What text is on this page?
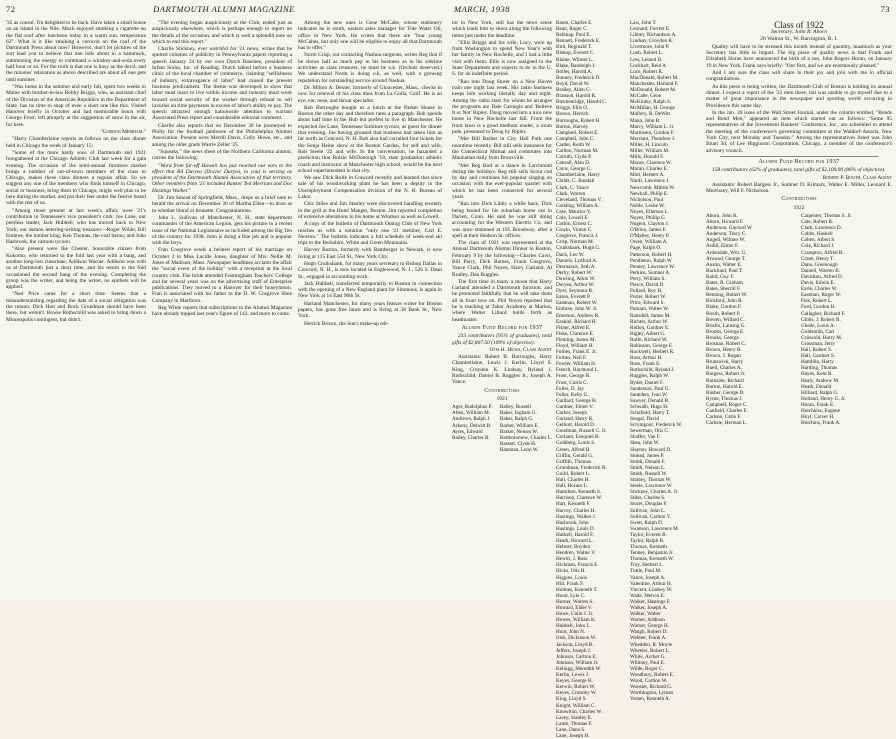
72	DARTMOUTH ALUMNI MAGAZINE

'35 as consul, I'm delighted to be back. Have taken a small house on an island in the Nile. Much enjoyed smoking a cigarette on the flat roof after luncheon today in a warm sun, temperature 63°. What is it like smoking a corncob on the roof of the Dartmouth Press about now? However, don't let pictures of the sort lead you to believe that one lolls about in a hammock, summoning the energy to command a whiskey-and-soda every half hour or so. For the truth is that one is busy as the devil; and the minutes' relaxation as above described are about all one gets until summer.

"Was home in the summer and early fall, spent two weeks in Maine with brother-in-law Bobby Briggs, who, as assistant chief of the Division of the American Republics in the Department of State, has no time to snap of even a short one like this. Visited Hanover briefly in October and had memorable hours with George Frost; left abruptly at the suggestion of snow in the air, for here.

"Gordon Merriam."

"Harry Chamberlaine reports as follows on the class dinner held in Chicago the week of January 15:

"Some of the more hardy sons of Dartmouth and 1921 foregathered at the Chicago Athletic Club last week for a gala evening. The occasion of the semi-annual furniture market brings a number of out-of-town members of the class to Chicago, makes these class dinners a regular affair. So we suggest any one of the members who finds himself in Chicago, social or business, bring them to Chicago, might well plan to be here during the market, and put their feet under the festive board with the rest of us.

"Among those present at last week's affair, were '21's contribution to Tennessee's vice president's club: Joe Lane, our peerless leader, Jack Hubbell, who has moved back to New York; our demon lettering-writing treasurer—Roger Wilde; Bill Embree, the lumber king; Ken Thomas, the coal baron; and John Hasbrook, the cartoon tycoon.

"Also present were Ike Chester, honorable citizen from Kokomo, who returned to the fold last year with a bang, and another long-lost classmate, Addison Warner. Addison was with us at Dartmouth just a short time, and his return to the fold occasioned the second bang of the evening. Completing the group was the writer, and being the writer, no epithets will be applied.

"Ned Price came for a short time. Seems that a misunderstanding regarding the date of a social obligation was the reason. Dick Hart and Rock Grundman should have been there, but weren't. Rowie Rothschild was asked to bring down a Minneapolis contingent, but didn't.

"The evening began auspiciously at the Club, ended just as auspiciously elsewhere, which is perhaps enough to report on the details of the occasion, and which is well a splendid note on which to end this report."

Charlie Stickney, ever watchful for '21 news, writes that he spotted columns of publicity in Pennsylvania papers reporting a speech January 24 by our own Dutch Baushee, president of Infant Socks, Inc. of Reading. Dutch talked before a business clinic of the local chamber of commerce, claiming "selfishness of industry, extravagance of labor" had caused the present business predicament. The theme was developed to show that labor must learn to live within income and industry must work toward social security of the worker through refusal to sell luxuries on time payments in excess of labor's ability to pay. The speech attracted enough nationwide attention to warrant Associated Press report and considerable editorial comment.

Charlie also reports that on December 30 he journeyed to Philly for the football jamboree of the Philadelphia Alumni Association. Present were Merrill Davis, Colly Howe, etc., and among the older grads Warrie Zeller '25.

"Squeaks," the news sheet of the Northern California alumni, carries the following:

"Word from far-off Hawaii has just reached our ears to the effect that Bil Duryea (Doctor Duryea, to you) is serving as president of the Dartmouth Alumni Association of that territory. Other members from '21 included Banker Ted Merriam and Doc Hastings Walker."

Dr. Jim Smead of Springfield, Mass., drops us a brief note to herald the arrival on December 30 of Martha Ellen—to doze as to whether blond or brunette. Congratulations.

John L. Sullivan of Manchester, N. H., state department commander of the American Legion, gets his picture in a recent issue of the National Legionnaire as included among the Big Ten of the country for 1938. John is doing a fine job and is popular with the boys.

Fran Cosgrove sends a belated report of his marriage on October 2 to Miss Lucille Jones, daughter of Mrs. Nellie M. Jones of Madison, Mass. Newspaper headlines acclaim the affair the "social event of the holiday" with a reception at the local country club. The bride attended Framingham Teachers' College and for several years was on the advertising staff of Enterprise publications. They moved to a Hanover for their honeymoon. Fran is associated with his father in the D. W. Cosgrove Shoe Company in Marlboro.

Reg Wilde reports that subscriptions to the Alumni Magazine have already topped last year's figure of 142, and more to come.

Among the new ones is Gene McCabe, whose stationery indicates he is south, eastern sales manager for Tide Water Oil, office in New York. He writes that there are "four young McCabes, but only one will be eligible to enjoy all that Dartmouth has to offer."

Norm Crisp, out contacting Nashua surgeons, writes Reg that if he shows half as much pep in his business as in his sideline activities as class treasurer, he must be o.k. (Orchids deserved.) We understand Norm is doing o.k. as well, with a growing reputation for outstanding service around Nashua.

Dr. Milton A. Dexter, formerly of Gloucester, Mass., checks in now for renewal of his class dues from La Golla, Calif. He is an eye, ear, nose, and throat specialist.

Bob Burroughs bought us a lunch at the Parker House in Boston the other day and therefore rates a paragraph. Bob spends about half time in the Hub but prefers to live in Manchester. He expected Joe Lane, Tennessee furniture tycoon, as guest for dinner that evening. Joe having groused that business had taken him as far north as Concord, N. H. Bob also had corralled four tickets for the Sonja Heine show at the Boston Garden, for self and wife, Bob Steele '22 and wife. In the conversation, he hazarded a prediction that Rulzie McDonough '18, state graduation athletic coach and instructor at Manchester high school, would be the next school superintendent in that city.

We saw Dick Rolfe in Concord recently and learned that since sale of his woodworking plant he has been a deputy in the Unemployment Compensation division of the N. H. Bureau of Labor.

Chic Stiles and Jim Stanley were discovered handling recently in the grill at the Hotel Manger, Boston. Jim reported completion of extensive alterations in his home at Windsor as well as Lowell.

A copy of the bulletin of Dartmouth Outing Club of New York reaches us with a notation "only one '21 member, Carl E. Newton." The bulletin indicates a full schedule of week-end ski trips to the Berkshire, White and Green Mountains.

Harvey Burton, formerly with Bamberger in Newark, is now living at 115 East 55d St., New York City.

Hugh Cruikshank, for many years secretary to Bishop Dallas in Concord, N. H., is now located in Englewood, N. J., 526 S. Dean St., engaged in accounting work.

Jack Hubbell, transferred temporarily to Boston in connection with the opening of a New England plant for Simmons, is again in New York at 14 East 90th St.

Harland Manchester, for many years feature writer for Boston papers, has gone free lance and is living at 38 Bank St., New York.

Herrick Brown, the Sun's make-up edi-

MARCH, 1938	73

tor in New York, still has the news sense which leads him to shoot along the following items just under the deadline:

"Ellis Briggs and his wife, Lucy, were up from Washington to spend New Year's with her family in New Rochelle, and I had a little visit with them. Ellis is now assigned to the State Department and expects to be in the U. S. for an indefinite period.

"Ran into Doug Storer on a New Haven train one night last week. His radio business keeps him working literally day and night. Among the radio stars for whom he arranges the programs are Dale Carnegie and 'Believe It or Not' Ripley. Doug moved into a nice new home in New Rochelle last fall. From the front lawn is a good medium reader, a room pole, presented to Doug by Ripley.

"Met Bill Barber in City Hall Park one noontime recently. Bill still sells insurance for the Connecticut Mutual and commutes into Manhattan daily from Bronxville.

"Met Reg Bird at a dance in Larchmont during the holidays. Reg still sells Scout cod by day and continues his popular singing on occasion with the ever-popular quartet with which he has been connected for several years.

"Ran into Dick Libby a while back, Dick being bound for his suburban home out in Darien, Conn. He said he was still doing accounting for the Western Electric Co. and was once stationed at 195 Broadway, after a spell at their Hudson St. offices.

The class of 1921 was represented at the Annual Dartmouth Alumni Dinner in Boston, February 9 by the following—Charles Cavis, Bill Perry, Dick Barnes, Frank Cosgrove, Vance Clark, Phil Noyes, Harry Garland, Al Brailey, Dan Ruggles.

The first time in many a moon that Harry Garland attended a Dartmouth function, and he promoted faithfully that he will take them all in from now on. Phil Noyes reported that he is teaching at Tabor Academy at Marion, where Walter Lillard holds forth as headmaster.

Alumni Fund Record for 1937

233 contributors (95% of graduates), total gifts of $2,807.50 (109% of objective).

Otis H. Hicks, Class Agent

Assistants: Robert B. Burroughs, Harry Chamberlaine, Lewis J. Kerlin, Lloyd S. King, Croydon K. Lindsay, Ryland J. Rothschild, Daniel B. Ruggles Jr., Joseph A. Vance.

Contributors

1921

Ager, Rudolphus P.
Allen, William M.
Andrews, Ralph J.
Arkeny, Delwitt B.
Ayres, Edward
Bailey, Charles R.
Bailey, Russell
Baker, Ingham G.
Baker, Ralph G.
Barber, William E.
Barker, Nelson W.
Bartholomew, Charles L.
Bassett, Clyde H.
Bateman, Leon W.
Baum, Charles E.
Bean, Roger C.
Belknap, Paul E.
Bennett, Frederick E.
Bird, Reginald T.
Bishop, Everett C.
Blaine, Wilmot L.
Blake, Randolph J.
Bolles, Harold A.
Bonney, Frederick D.
Boyd, David W.
Brailey, Allen G.
Branson, Harold R.
Breckenridge, Harold C.
Briggs, Ellis O.
Brown, Herrick
Burroughs, Robert B.
Burton, Harvey
Campbell, Robert E.
Campbell, John C.
Carder, Keith W.
Carlton, Norman M.
Carruth, Clyde P.
Cattrall, Alan D.
Cavis, George C.
Chamberlaine, Harry
Childs, C. Randall
Clark, C. Vance
Clark, Warren
Cleveland, Thomas V.
Codding, William A.
Cole, Maurice Y.
Cole, Lowell E.
Corbin, Ernest C.
Cowin, Vinton C.
Cosgrove, Francis J.
Crisp, Norman M.
Cruikshank, Hugh G.
Dack, Leo W.
Daniels, Lydford A.
Desmarais, Seth A.
Derby, Robert W.
Dowling, Alton W.
Duryea, Arthur W.
Dyer, Seymour R.
Eaton, Everett P.
Eastman, Robert W.
Embree, John W. Jr.
Emerson, Andrew R.
Ezekiel, Richard H.
Fisher, Alfred E.
Fiske, Clarence E.
Fleming, Justus M.
Floyd, William H.
Forbes, Frank E. Jr.
Forbes, Neil F.
Fowler, William H.
French, Raymond L.
Frost, George R.
Frost, Curtis C.
Fuller, D. Jay
Fuller, Kelly G.
Gaillard, George H.
Gardner, Elmer V.
Garber, Joseph
Garland, Harry R.
Gelliott, Harold D.
Goodman, Russell C. Jr.
Gorham, Ezequiel B.
Goldberg, Louis S.
Green, Alfred B.
Griffin, Gerald G.
Griffith, Thomas
Grundman, Frederick R.
Guild, Robert L.
Hall, Charles H.
Hall, Horace L.
Hamilton, Kenneth S.
Harrison, Clarence W.
Hart, Kenneth F.
Harvey, Charles H.
Hastings, Walker J.
Hasbrook, John
Hastings, Louis D.
Haskell, Harold F.
Heath, Howard L.
Helmer, Boyden
Hendren, Walter V.
Hewitt, J. Ross
Hickman, Francis E.
Hicks, Otis H.
Higgins, Louis
Hill, Frank F.
Holmes, Kenneth T.
Hood, Lyle C.
Horner, Warren S.
Howard, Elder V.
Howe, Colin J. Jr.
Howes, William K.
Hubbell, John L.
Hunt, John N.
Irish, Dickinson W.
Jackson, Lloyd B.
Jeffers, Joseph J.
Johnson, Carlton E.
Johnson, William Jr.
Kellogg, Meredith W.
Kerlin, Lewis J.
Keyes, George B.
Kerwin, Robert W.
Keyes, Crossley W.
King, Lloyd S.
Knight, William C.
Knowlton, Charles W.
Lacey, Stanley E.
Lamb, Thomas F.
Lane, Dana S.
Lane, Joseph H.
Law, John T.
Leonard, Forrest E.
Libbey, Richardson A.
Lindsay, Croydon K.
Livermore, John P.
Loeb, Robert L.
Low, Leland D.
Lockhart, Reid A.
Luce, Robert R.
MacDonald, Robert M.
Manchester, Harland F.
McDonald, Robert M.
McCabe, Gene
McKinley, Ralph S.
McMillan, H. George
Mallory, R. DeWitt
Mann, John R.
Marcy, William L. Jr.
Martinsen, Gordon F.
Merriam, Theodore J.
Miller, H. Lincoln
Miller, William M.
Mills, Donald F.
Moore, Clarence W.
Moran, Charles E.
Mott, Herbert A.
Nardi, Lawrence J.
Newcomb, Milton W.
Newhall, Philip E.
Nicholson, Paul
Noble, Leslie W.
Noyes, Ellerson L.
Noyes, Phillip G.
Nugent, Clayton J.
O'Brien, James F.
O'Malley, Henry P.
Owen, William A.
Page, Ralph O.
Patterson, Robert H.
Pendleton, Ralph W.
Penney, Lawrence W.
Perkins, Sumner A.
Perry, William S.
Pierce, David D.
Pollard, Roy H.
Porter, Robert W.
Price, Edward S.
Putnam, Walter W.
Ransdell, James M.
Richter, Arthur W.
Ridlon, Gardner E.
Rigley, Albert G.
Rolfe, Richard W.
Robinson, George F.
Rockwell, Herbert R.
Ross, Arthur H.
Ross, Frank E.
Rothschild, Ryland J.
Ruggles, Ralph W.
Ryder, Daniel F.
Sanderson, Paul G.
Saunders, Ivan W.
Sawyer, Donald B.
Schwalb, Hugo H.
Schofield, Harry T.
Seagal, David
Scrymgour, Frederick W.
Sewerman, Otis C.
Shaffer, Van F.
Shea, John W.
Slayton, Howard D.
Smead, James P.
Smith, Donald F.
Smith, Nelson L.
Smith, Russell W.
Stanley, Thomas W.
Steele, Lawrence W.
Stickney, Charles A. Jr.
Stiles, Charles S.
Storer, Douglas F.
Sullivan, John L.
Sullivan, Carlton V.
Swett, Ralph D.
Swanson, Lawrence M.
Taylor, Everett B.
Taylor, Ralph B.
Thomas, Kenneth
Tenney, Benjamin Jr.
Thomas, Kenneth W.
Troy, Herbert L.
Tuttle, Paul M.
Vance, Joseph A.
Valentine, Arthur H.
Vincent, Lindsey W.
Wade, Melvin E.
Walker, Hastings F.
Walker, Joseph A.
Walker, Walter
Warner, Addison
Warner, George H.
Waugh, Robert D.
Webber, Frank A.
Whedden, R. Moyle
Wheeler, Robert L.
White, Archer G.
Whitney, Paul E.
Wilde, Roger C.
Woodbury, Robert E.
Wood, Carlton W.
Wooster, Richard G.
Worthington, Lyman
Yesten, Kenneth A.
Class of 1922

Secretary, John R. Aborn

26 Walnut St., W. Barrington, R. I.

Quality will have to be stressed this month instead of quantity, inasmuch as your Secretary has little to impart. The big piece of quality news is that Frank and Elizabeth Horan have announced the birth of a son, John Rogers Horan, on January 19 in New York. Frank says briefly: "Our first, and we are enormously pleased."

And I am sure the class will share in their joy and join with me in official congratulations.

As this piece is being written, the Dartmouth Club of Boston is holding its annual dinner. I expect a report of the '22 men there, but was unable to go myself due to a matter of great importance in the newspaper and sporting world occurring in Providence this same day.

In the Jan. 20 issue of the Wall Street Journal, under the column entitled, "Bonds and Bond Men," appeared an item which started out as follows: "Some 95 representatives of the Investment Bankers' Conference, Inc., are scheduled to attend the meeting of the conference's governing committee at the Waldorf-Astoria, New York City, next Monday and Tuesday." Among the representatives listed was John Blunt 3d, of Lee Higginson Corporation, Chicago, a member of the conference's advisory council.

Alumni Fund Record for 1937

158 contributors (62% of graduates), total gifts of $2,109.00 (86% of objective).

Robert P. Booth, Class Agent

Assistants: Robert Burgess Jr., Sumner D. Kilmarx, Walter E. Miller, Leonard E. Morrissey, Will F. Nicholson.

Contributors

1922

Aborn, John R.
Aborn, Howard F.
Anderson, Gaylord W.
Anderson, Tracy C.
Angell, Wilmer W.
Ardill, Elmer F.
Ardendale, Wm. G.
Atwood, George T.
Austin, Walter E.
Backlund, Paul T.
Baird, Guy F.
Bates, R. Graham
Bates, Sherrill F.
Benning, Robert W.
Bickford, John R.
Blake, Gordon F.
Booth, Robert P.
Bowen, Willard C.
Brislin, Lansing G.
Brooks, George E.
Brooks, George
Brosnan, Robert C.
Brown, Henry B.
Brown, J. Rogan
Brunswick, Harry
Buell, Charles A.
Burgess, Robert Jr.
Burnside, Richard
Burton, Harold E.
Busher, George D.
Byrne, Thomas J.
Campbell, Roger C.
Canfield, Charles E.
Carlson, Carlo F.
Carlisle, Herman L.
Carpenter, Thomas S. Jr.
Cate, Robert R.
Clark, Lawrence D.
Cobbs, Haskell
Cohen, Albert S.
Cole, Richard J.
Crampton, Alfred R.
Crane, Henry T.
Dana, Greenough
Daniell, Warren B.
Davidson, Alfred D.
Davis, Edwin E.
Earle, Charles W.
Eastman, Roger W.
Fisk, Robert L.
Ford, Gordon H.
Gallagher, Richard F.
Gibbs, J. Robert R.
Ghede, Louis A.
Goldsmith, Carl
Griswold, Harry M.
Grossman, Jerry
Hall, Robert S.
Hall, Gardner S.
Hamblin, Harry
Harding, Thomas
Hayes, Kent R.
Healy, Andrew M.
Heath, Donald
Hilliard, Ralph G.
Holland, Henry G. Jr.
Horan, Frank E.
Hotchkiss, Eugene
Hoyt, Carver H.
Hutchins, Frank A.
